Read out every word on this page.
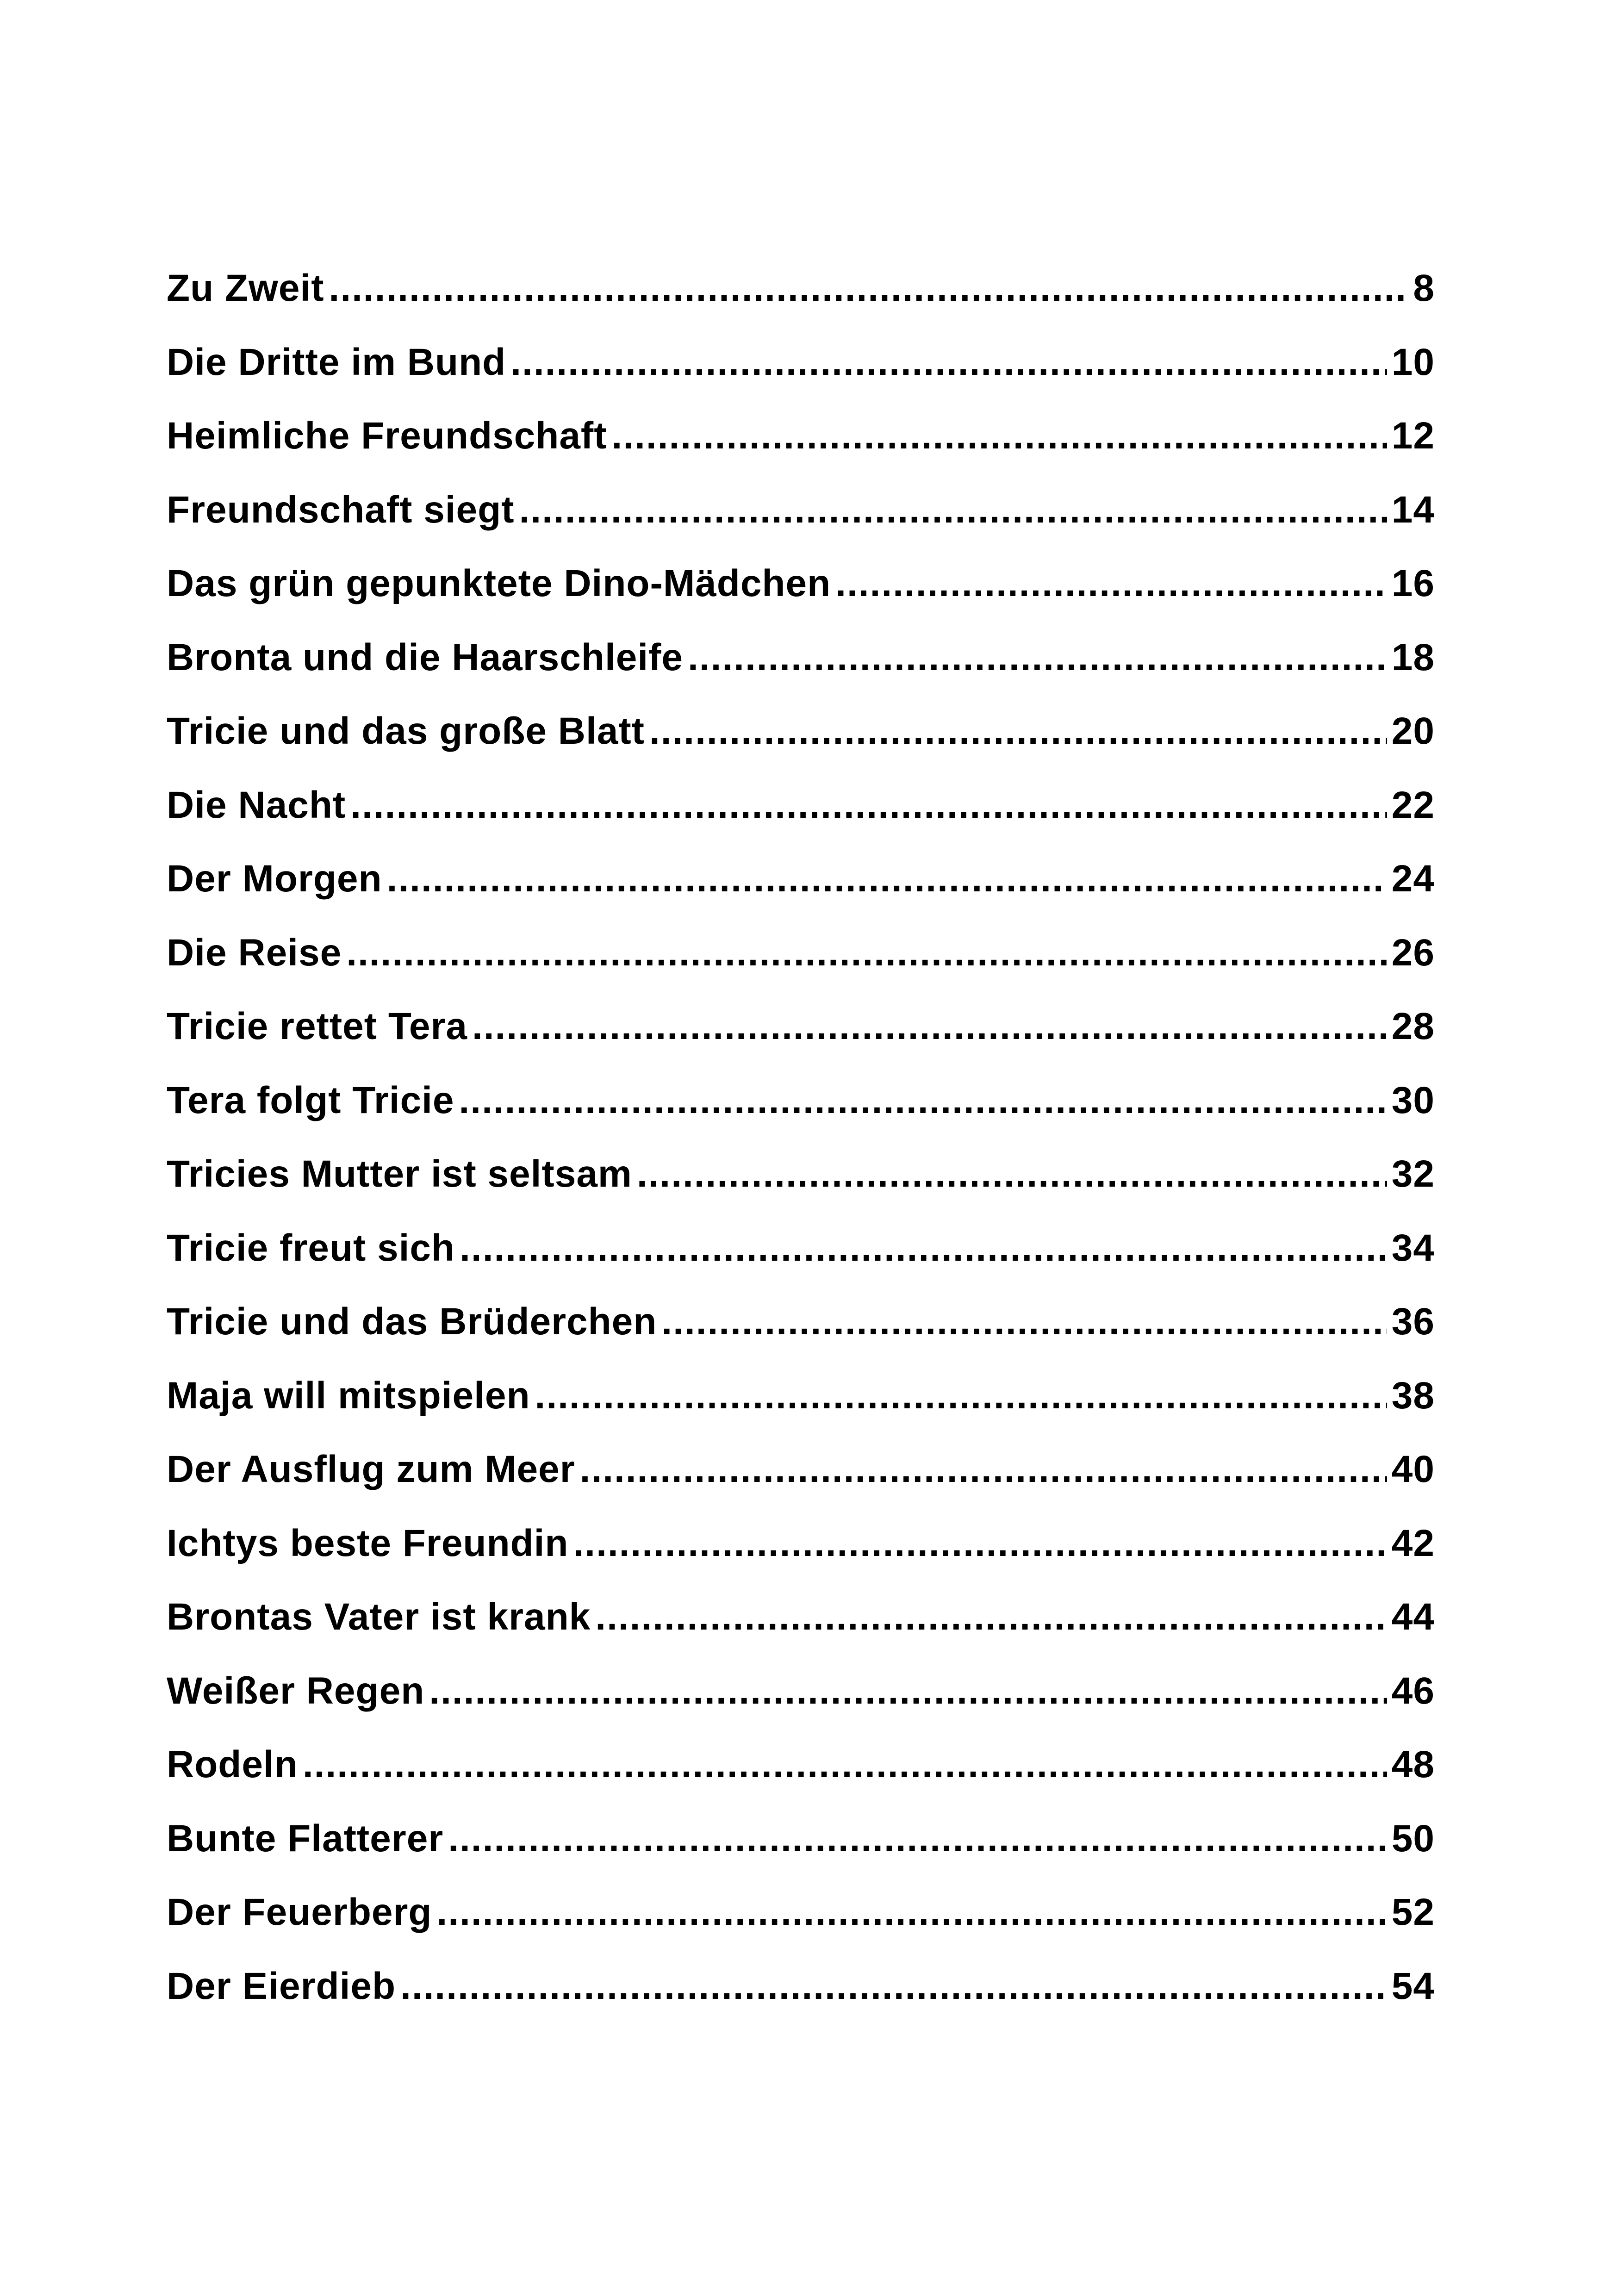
Zu Zweit .....	8
Die Dritte im Bund .....	10
Heimliche Freundschaft .....	12
Freundschaft siegt .....	14
Das grün gepunktete Dino-Mädchen .....	16
Bronta und die Haarschleife .....	18
Tricie und das große Blatt .....	20
Die Nacht .....	22
Der Morgen .....	24
Die Reise .....	26
Tricie rettet Tera .....	28
Tera folgt Tricie .....	30
Tricies Mutter ist seltsam .....	32
Tricie freut sich .....	34
Tricie und das Brüderchen .....	36
Maja will mitspielen .....	38
Der Ausflug zum Meer .....	40
Ichtys beste Freundin .....	42
Brontas Vater ist krank .....	44
Weißer Regen .....	46
Rodeln .....	48
Bunte Flatterer .....	50
Der Feuerberg .....	52
Der Eierdieb .....	54
